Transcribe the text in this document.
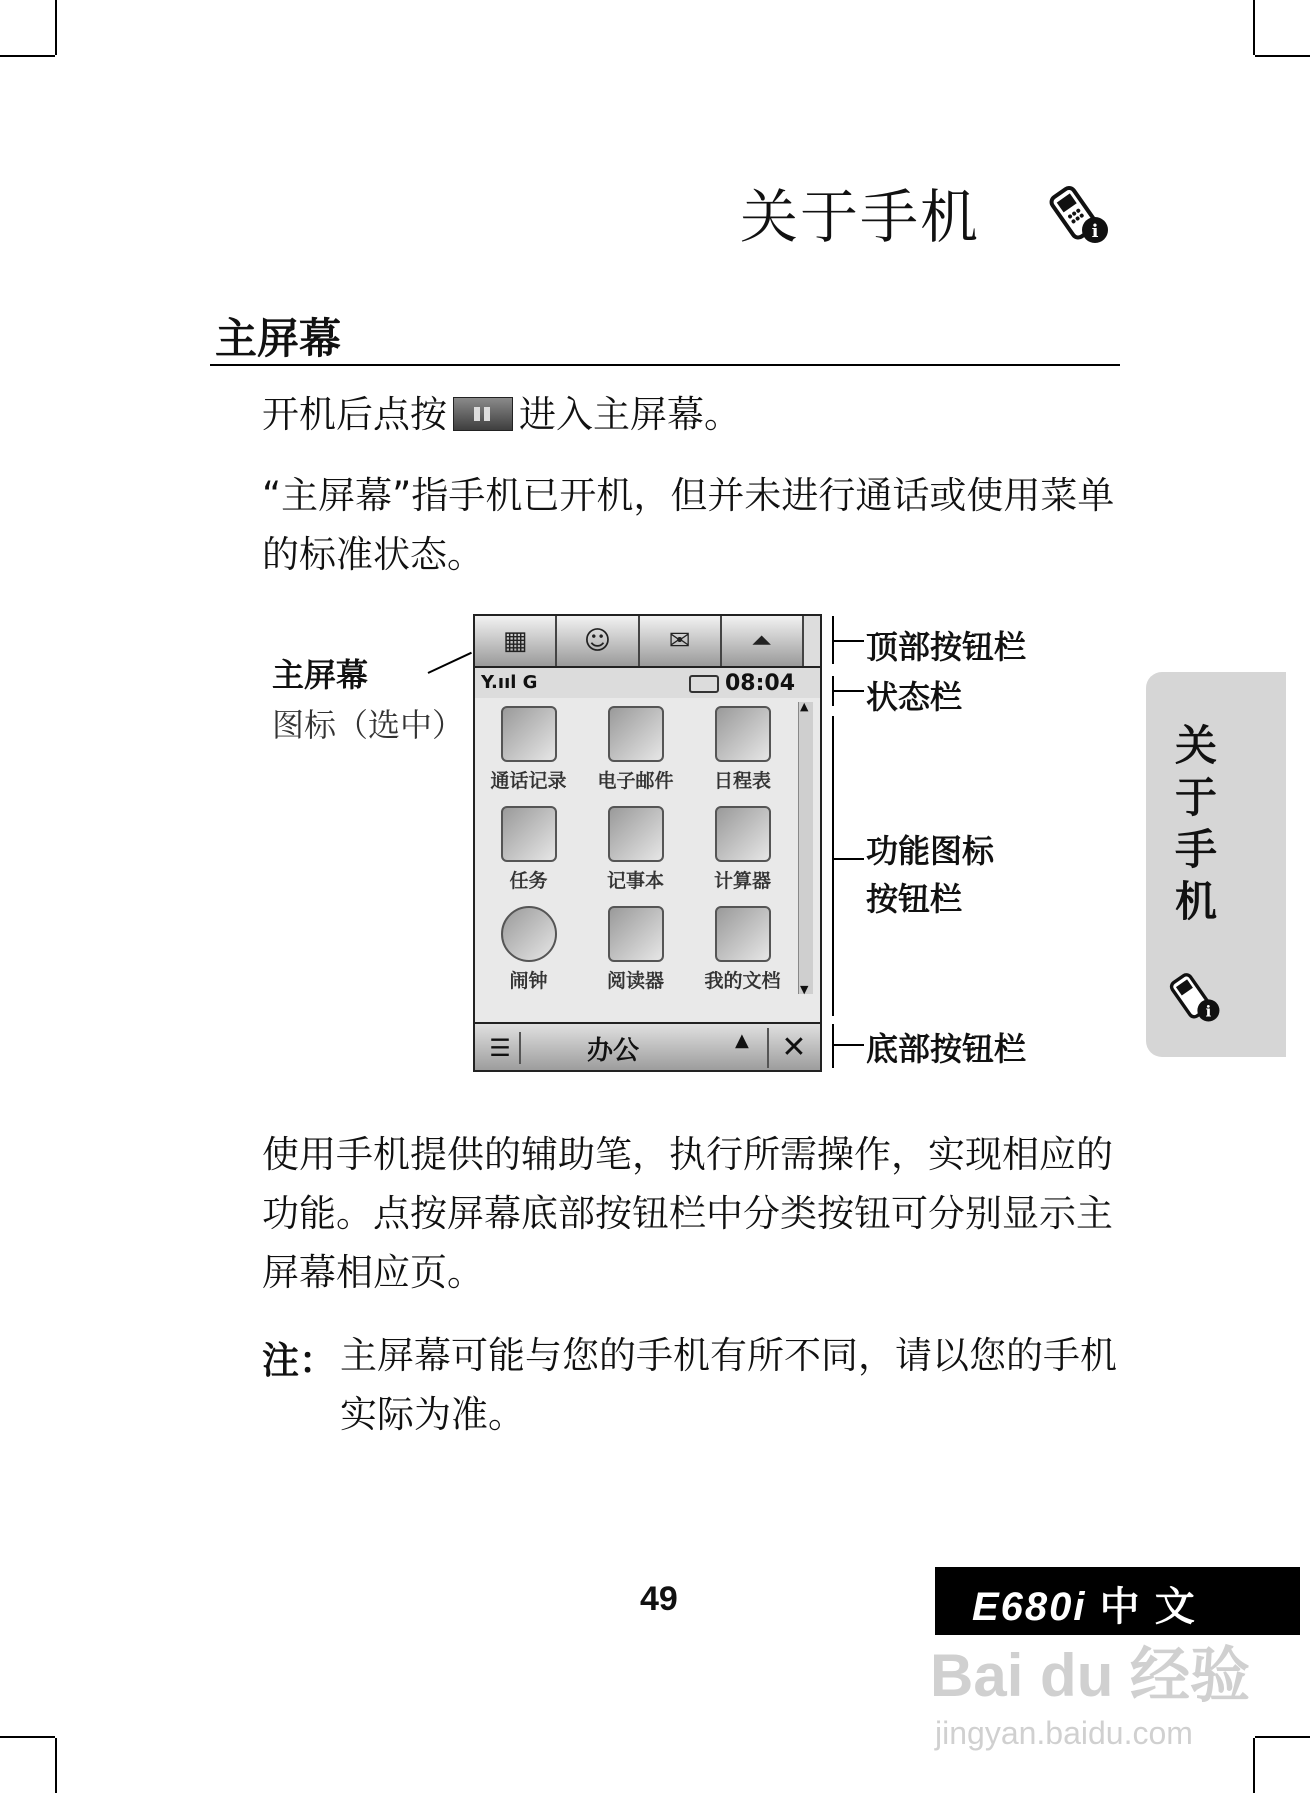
关于手机	i
主屏幕
开机后点按 进入主屏幕。
“主屏幕”指手机已开机，但并未进行通话或使用菜单的标准状态。
主屏幕
图标（选中）
▦	☺	✉	⏶
Y.ııl G	08:04
通话记录	电子邮件	日程表
任务	记事本	计算器
闹钟	阅读器	我的文档
▲ ▼
☰	办公	▲	✕
顶部按钮栏
状态栏
功能图标
按钮栏
底部按钮栏
使用手机提供的辅助笔，执行所需操作，实现相应的功能。点按屏幕底部按钮栏中分类按钮可分别显示主屏幕相应页。
注： 主屏幕可能与您的手机有所不同，请以您的手机实际为准。
关于手机
i
49	E680i 中 文
Bai du 经验
jingyan.baidu.com
